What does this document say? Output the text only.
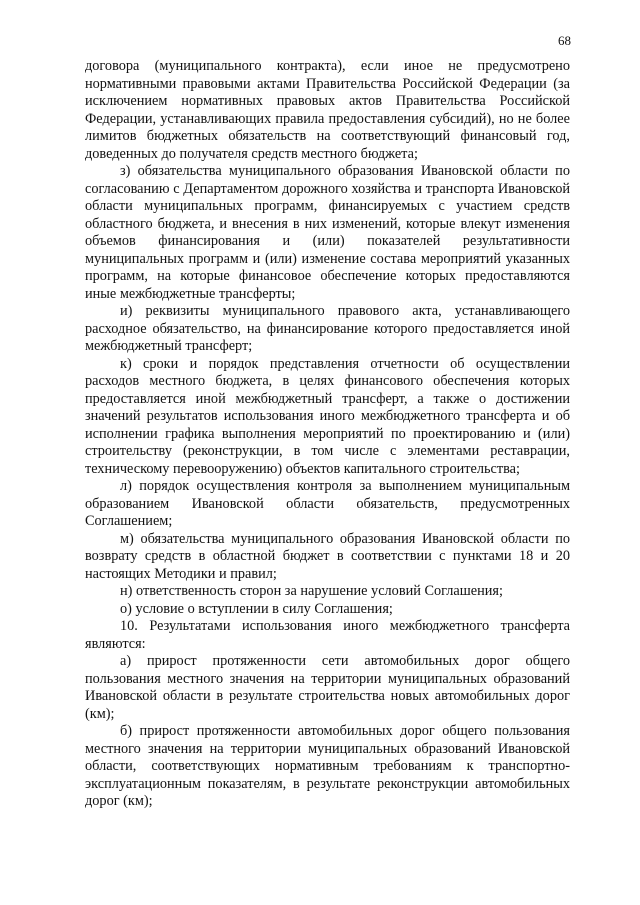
68

договора (муниципального контракта), если иное не предусмотрено нормативными правовыми актами Правительства Российской Федерации (за исключением нормативных правовых актов Правительства Российской Федерации, устанавливающих правила предоставления субсидий), но не более лимитов бюджетных обязательств на соответствующий финансовый год, доведенных до получателя средств местного бюджета;

з) обязательства муниципального образования Ивановской области по согласованию с Департаментом дорожного хозяйства и транспорта Ивановской области муниципальных программ, финансируемых с участием средств областного бюджета, и внесения в них изменений, которые влекут изменения объемов финансирования и (или) показателей результативности муниципальных программ и (или) изменение состава мероприятий указанных программ, на которые финансовое обеспечение которых предоставляются иные межбюджетные трансферты;

и) реквизиты муниципального правового акта, устанавливающего расходное обязательство, на финансирование которого предоставляется иной межбюджетный трансферт;

к) сроки и порядок представления отчетности об осуществлении расходов местного бюджета, в целях финансового обеспечения которых предоставляется иной межбюджетный трансферт, а также о достижении значений результатов использования иного межбюджетного трансферта и об исполнении графика выполнения мероприятий по проектированию и (или) строительству (реконструкции, в том числе с элементами реставрации, техническому перевооружению) объектов капитального строительства;

л) порядок осуществления контроля за выполнением муниципальным образованием Ивановской области обязательств, предусмотренных Соглашением;

м) обязательства муниципального образования Ивановской области по возврату средств в областной бюджет в соответствии с пунктами 18 и 20 настоящих Методики и правил;

н) ответственность сторон за нарушение условий Соглашения;

о) условие о вступлении в силу Соглашения;

10. Результатами использования иного межбюджетного трансферта являются:

а) прирост протяженности сети автомобильных дорог общего пользования местного значения на территории муниципальных образований Ивановской области в результате строительства новых автомобильных дорог (км);

б) прирост протяженности автомобильных дорог общего пользования местного значения на территории муниципальных образований Ивановской области, соответствующих нормативным требованиям к транспортно-эксплуатационным показателям, в результате реконструкции автомобильных дорог (км);
